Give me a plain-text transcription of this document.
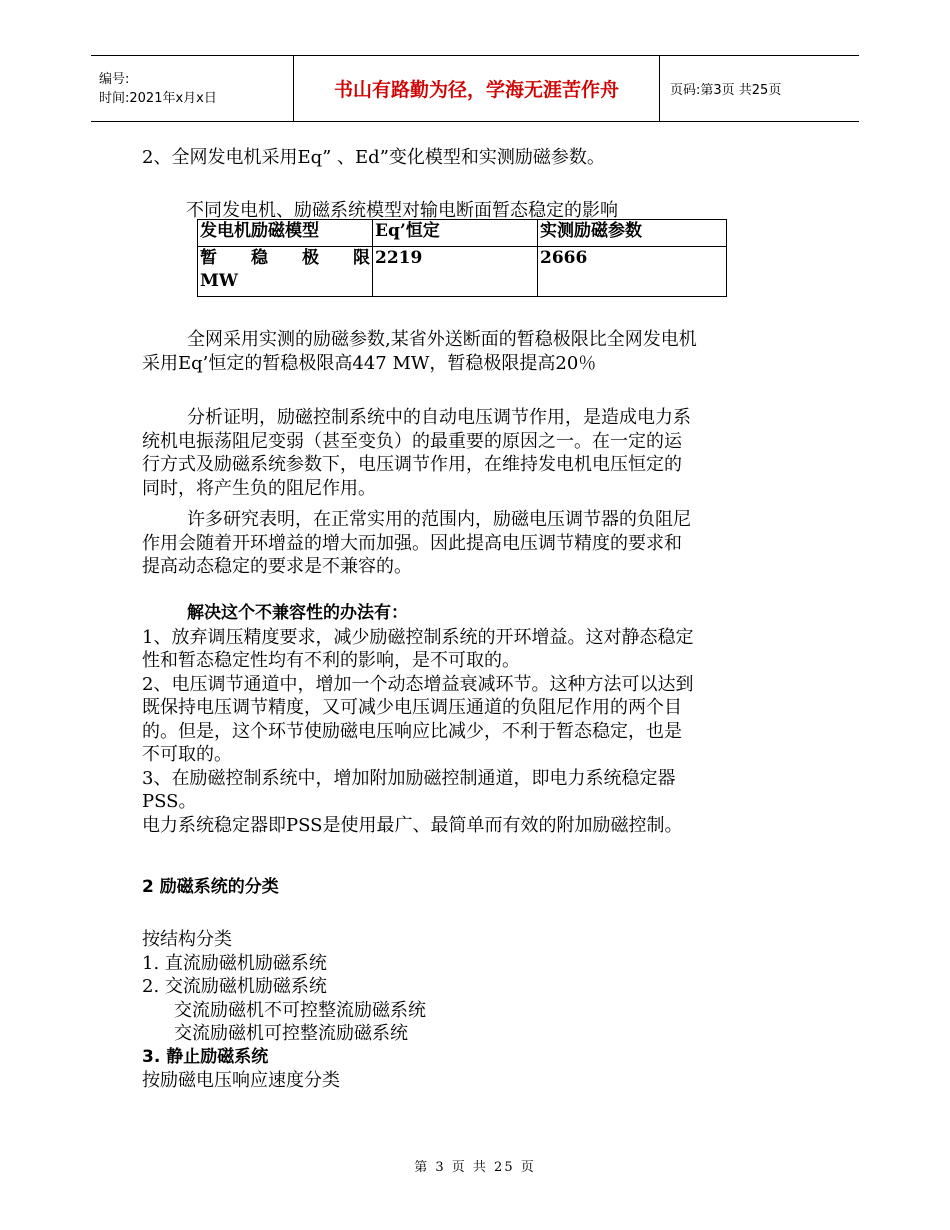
编号:
时间:2021年x月x日	书山有路勤为径，学海无涯苦作舟	页码:第3页 共25页
2、全网发电机采用Eq” 、Ed”变化模型和实测励磁参数。
不同发电机、励磁系统模型对输电断面暂态稳定的影响
发电机励磁模型	Eq’恒定	实测励磁参数

暂 稳 极 限
MW	2219	2666
全网采用实测的励磁参数,某省外送断面的暂稳极限比全网发电机
采用Eq’恒定的暂稳极限高447 MW，暂稳极限提高20％
分析证明，励磁控制系统中的自动电压调节作用，是造成电力系
统机电振荡阻尼变弱（甚至变负）的最重要的原因之一。在一定的运
行方式及励磁系统参数下，电压调节作用，在维持发电机电压恒定的
同时，将产生负的阻尼作用。
许多研究表明，在正常实用的范围内，励磁电压调节器的负阻尼
作用会随着开环增益的增大而加强。因此提高电压调节精度的要求和
提高动态稳定的要求是不兼容的。
解决这个不兼容性的办法有：
1、放弃调压精度要求，减少励磁控制系统的开环增益。这对静态稳定
性和暂态稳定性均有不利的影响，是不可取的。
2、电压调节通道中，增加一个动态增益衰减环节。这种方法可以达到
既保持电压调节精度，又可减少电压调压通道的负阻尼作用的两个目
的。但是，这个环节使励磁电压响应比减少，不利于暂态稳定，也是
不可取的。
3、在励磁控制系统中，增加附加励磁控制通道，即电力系统稳定器
PSS。
电力系统稳定器即PSS是使用最广、最简单而有效的附加励磁控制。
2 励磁系统的分类
按结构分类
1. 直流励磁机励磁系统
2. 交流励磁机励磁系统
交流励磁机不可控整流励磁系统
交流励磁机可控整流励磁系统
3. 静止励磁系统
按励磁电压响应速度分类
第 3 页 共 25 页
